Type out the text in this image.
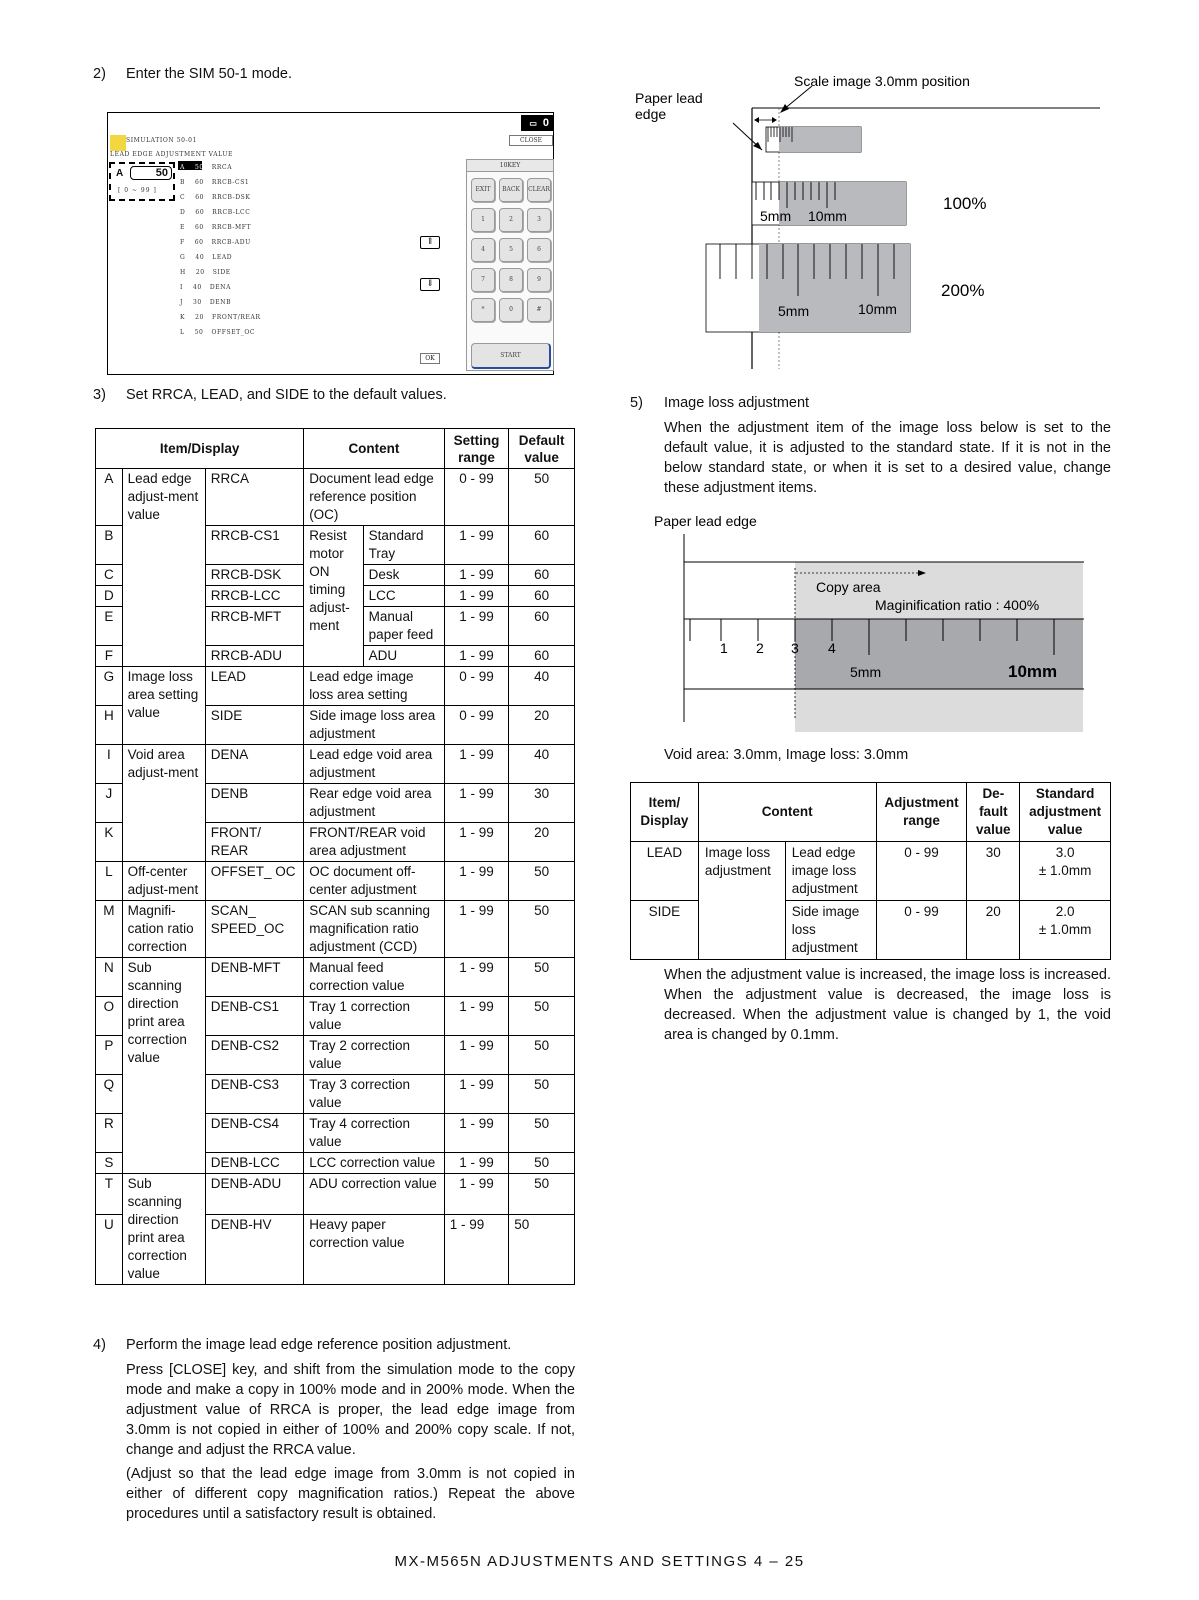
2) Enter the SIM 50-1 mode.
▭ 0
SIMULATION 50-01	CLOSE
LEAD EDGE ADJUSTMENT VALUE
A	50
[ 0 ~ 99 ]
A 50 RRCA
B 60 RRCB-CS1
C 60 RRCB-DSK
D 60 RRCB-LCC
E 60 RRCB-MFT
F 60 RRCB-ADU
G 40 LEAD
H 20 SIDE
I 40 DENA
J 30 DENB
K 20 FRONT/REAR
L 50 OFFSET_OC
⇑
⇓
OK
10KEY
EXIT	BACK	CLEAR
1	2	3
4	5	6
7	8	9
*	0	#
START
3) Set RRCA, LEAD, and SIDE to the default values.
Item/Display			Content		Setting range	Default value
A	Lead edge adjust-ment value	RRCA	Document lead edge reference position (OC)		0 - 99	50
B		RRCB-CS1	Resist motor ON timing adjust-ment	Standard Tray	1 - 99	60
C		RRCB-DSK		Desk	1 - 99	60
D		RRCB-LCC		LCC	1 - 99	60
E		RRCB-MFT		Manual paper feed	1 - 99	60
F		RRCB-ADU		ADU	1 - 99	60
G	Image loss area setting value	LEAD	Lead edge image loss area setting		0 - 99	40
H		SIDE	Side image loss area adjustment		0 - 99	20
I	Void area adjust-ment	DENA	Lead edge void area adjustment		1 - 99	40
J		DENB	Rear edge void area adjustment		1 - 99	30
K		FRONT/ REAR	FRONT/REAR void area adjustment		1 - 99	20
L	Off-center adjust-ment	OFFSET_ OC	OC document off-center adjustment		1 - 99	50
M	Magnifi-cation ratio correction	SCAN_ SPEED_OC	SCAN sub scanning magnification ratio adjustment (CCD)		1 - 99	50
N	Sub scanning direction print area correction value	DENB-MFT	Manual feed correction value		1 - 99	50
O		DENB-CS1	Tray 1 correction value		1 - 99	50
P		DENB-CS2	Tray 2 correction value		1 - 99	50
Q		DENB-CS3	Tray 3 correction value		1 - 99	50
R		DENB-CS4	Tray 4 correction value		1 - 99	50
S		DENB-LCC	LCC correction value		1 - 99	50
T	Sub scanning direction print area correction value	DENB-ADU	ADU correction value		1 - 99	50
U		DENB-HV	Heavy paper correction value		1 - 99	50
4) Perform the image lead edge reference position adjustment.
Press [CLOSE] key, and shift from the simulation mode to the copy mode and make a copy in 100% mode and in 200% mode. When the adjustment value of RRCA is proper, the lead edge image from 3.0mm is not copied in either of 100% and 200% copy scale. If not, change and adjust the RRCA value.
(Adjust so that the lead edge image from 3.0mm is not copied in either of different copy magnification ratios.) Repeat the above procedures until a satisfactory result is obtained.
5mm 10mm
100%
5mm	10mm
200%
Scale image 3.0mm position
Paper lead
edge
5) Image loss adjustment
When the adjustment item of the image loss below is set to the default value, it is adjusted to the standard state. If it is not in the below standard state, or when it is set to a desired value, change these adjustment items.
Paper lead edge
1 2 3 4
5mm	10mm
Copy area
Maginification ratio : 400%
Void area: 3.0mm, Image loss: 3.0mm
Item/ Display	Content		Adjustment range	De-fault value	Standard adjustment value
LEAD	Image loss adjustment	Lead edge image loss adjustment	0 - 99	30	3.0
± 1.0mm
SIDE		Side image loss adjustment	0 - 99	20	2.0
± 1.0mm
When the adjustment value is increased, the image loss is increased. When the adjustment value is decreased, the image loss is decreased. When the adjustment value is changed by 1, the void area is changed by 0.1mm.
MX-M565N ADJUSTMENTS AND SETTINGS 4 – 25
